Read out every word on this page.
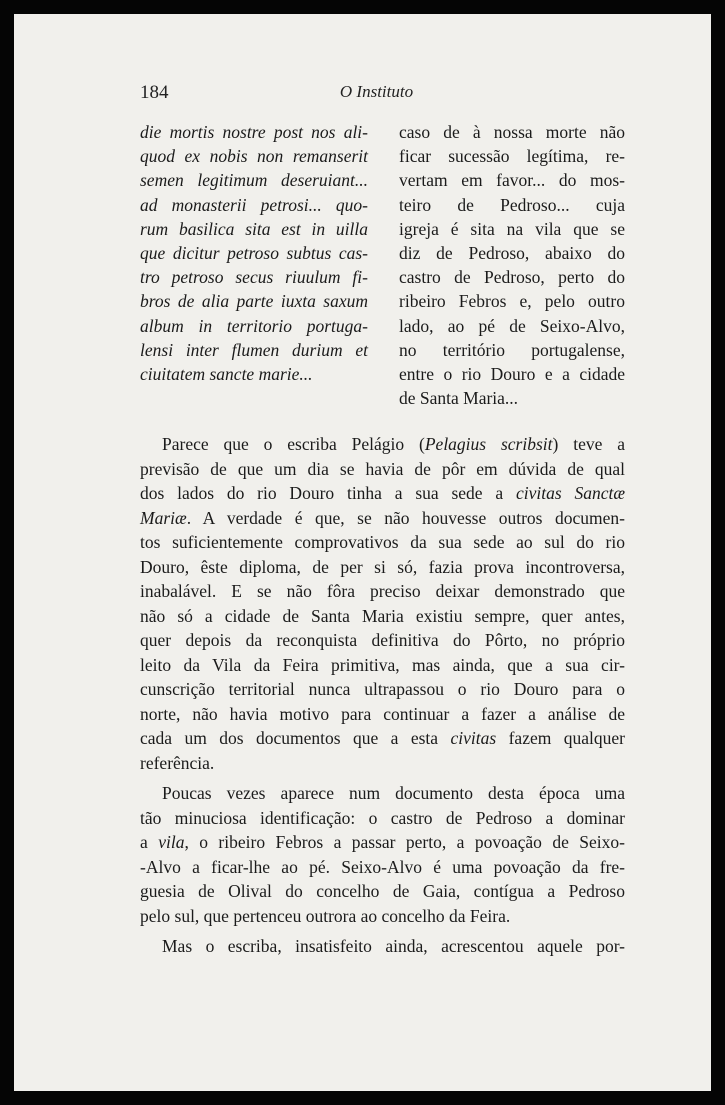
184	O Instituto
die mortis nostre post nos ali-
quod ex nobis non remanserit
semen legitimum deseruiant...
ad monasterii petrosi... quo-
rum basilica sita est in uilla
que dicitur petroso subtus cas-
tro petroso secus riuulum fi-
bros de alia parte iuxta saxum
album in territorio portuga-
lensi inter flumen durium et
ciuitatem sancte marie...
caso de à nossa morte não
ficar sucessão legítima, re-
vertam em favor... do mos-
teiro de Pedroso... cuja
igreja é sita na vila que se
diz de Pedroso, abaixo do
castro de Pedroso, perto do
ribeiro Febros e, pelo outro
lado, ao pé de Seixo-Alvo,
no território portugalense,
entre o rio Douro e a cidade
de Santa Maria...
Parece que o escriba Pelágio (Pelagius scribsit) teve a
previsão de que um dia se havia de pôr em dúvida de qual
dos lados do rio Douro tinha a sua sede a civitas Sanctæ
Mariæ. A verdade é que, se não houvesse outros documen-
tos suficientemente comprovativos da sua sede ao sul do rio
Douro, êste diploma, de per si só, fazia prova incontroversa,
inabalável. E se não fôra preciso deixar demonstrado que
não só a cidade de Santa Maria existiu sempre, quer antes,
quer depois da reconquista definitiva do Pôrto, no próprio
leito da Vila da Feira primitiva, mas ainda, que a sua cir-
cunscrição territorial nunca ultrapassou o rio Douro para o
norte, não havia motivo para continuar a fazer a análise de
cada um dos documentos que a esta civitas fazem qualquer
referência.
Poucas vezes aparece num documento desta época uma
tão minuciosa identificação: o castro de Pedroso a dominar
a vila, o ribeiro Febros a passar perto, a povoação de Seixo-
-Alvo a ficar-lhe ao pé. Seixo-Alvo é uma povoação da fre-
guesia de Olival do concelho de Gaia, contígua a Pedroso
pelo sul, que pertenceu outrora ao concelho da Feira.
Mas o escriba, insatisfeito ainda, acrescentou aquele por-
